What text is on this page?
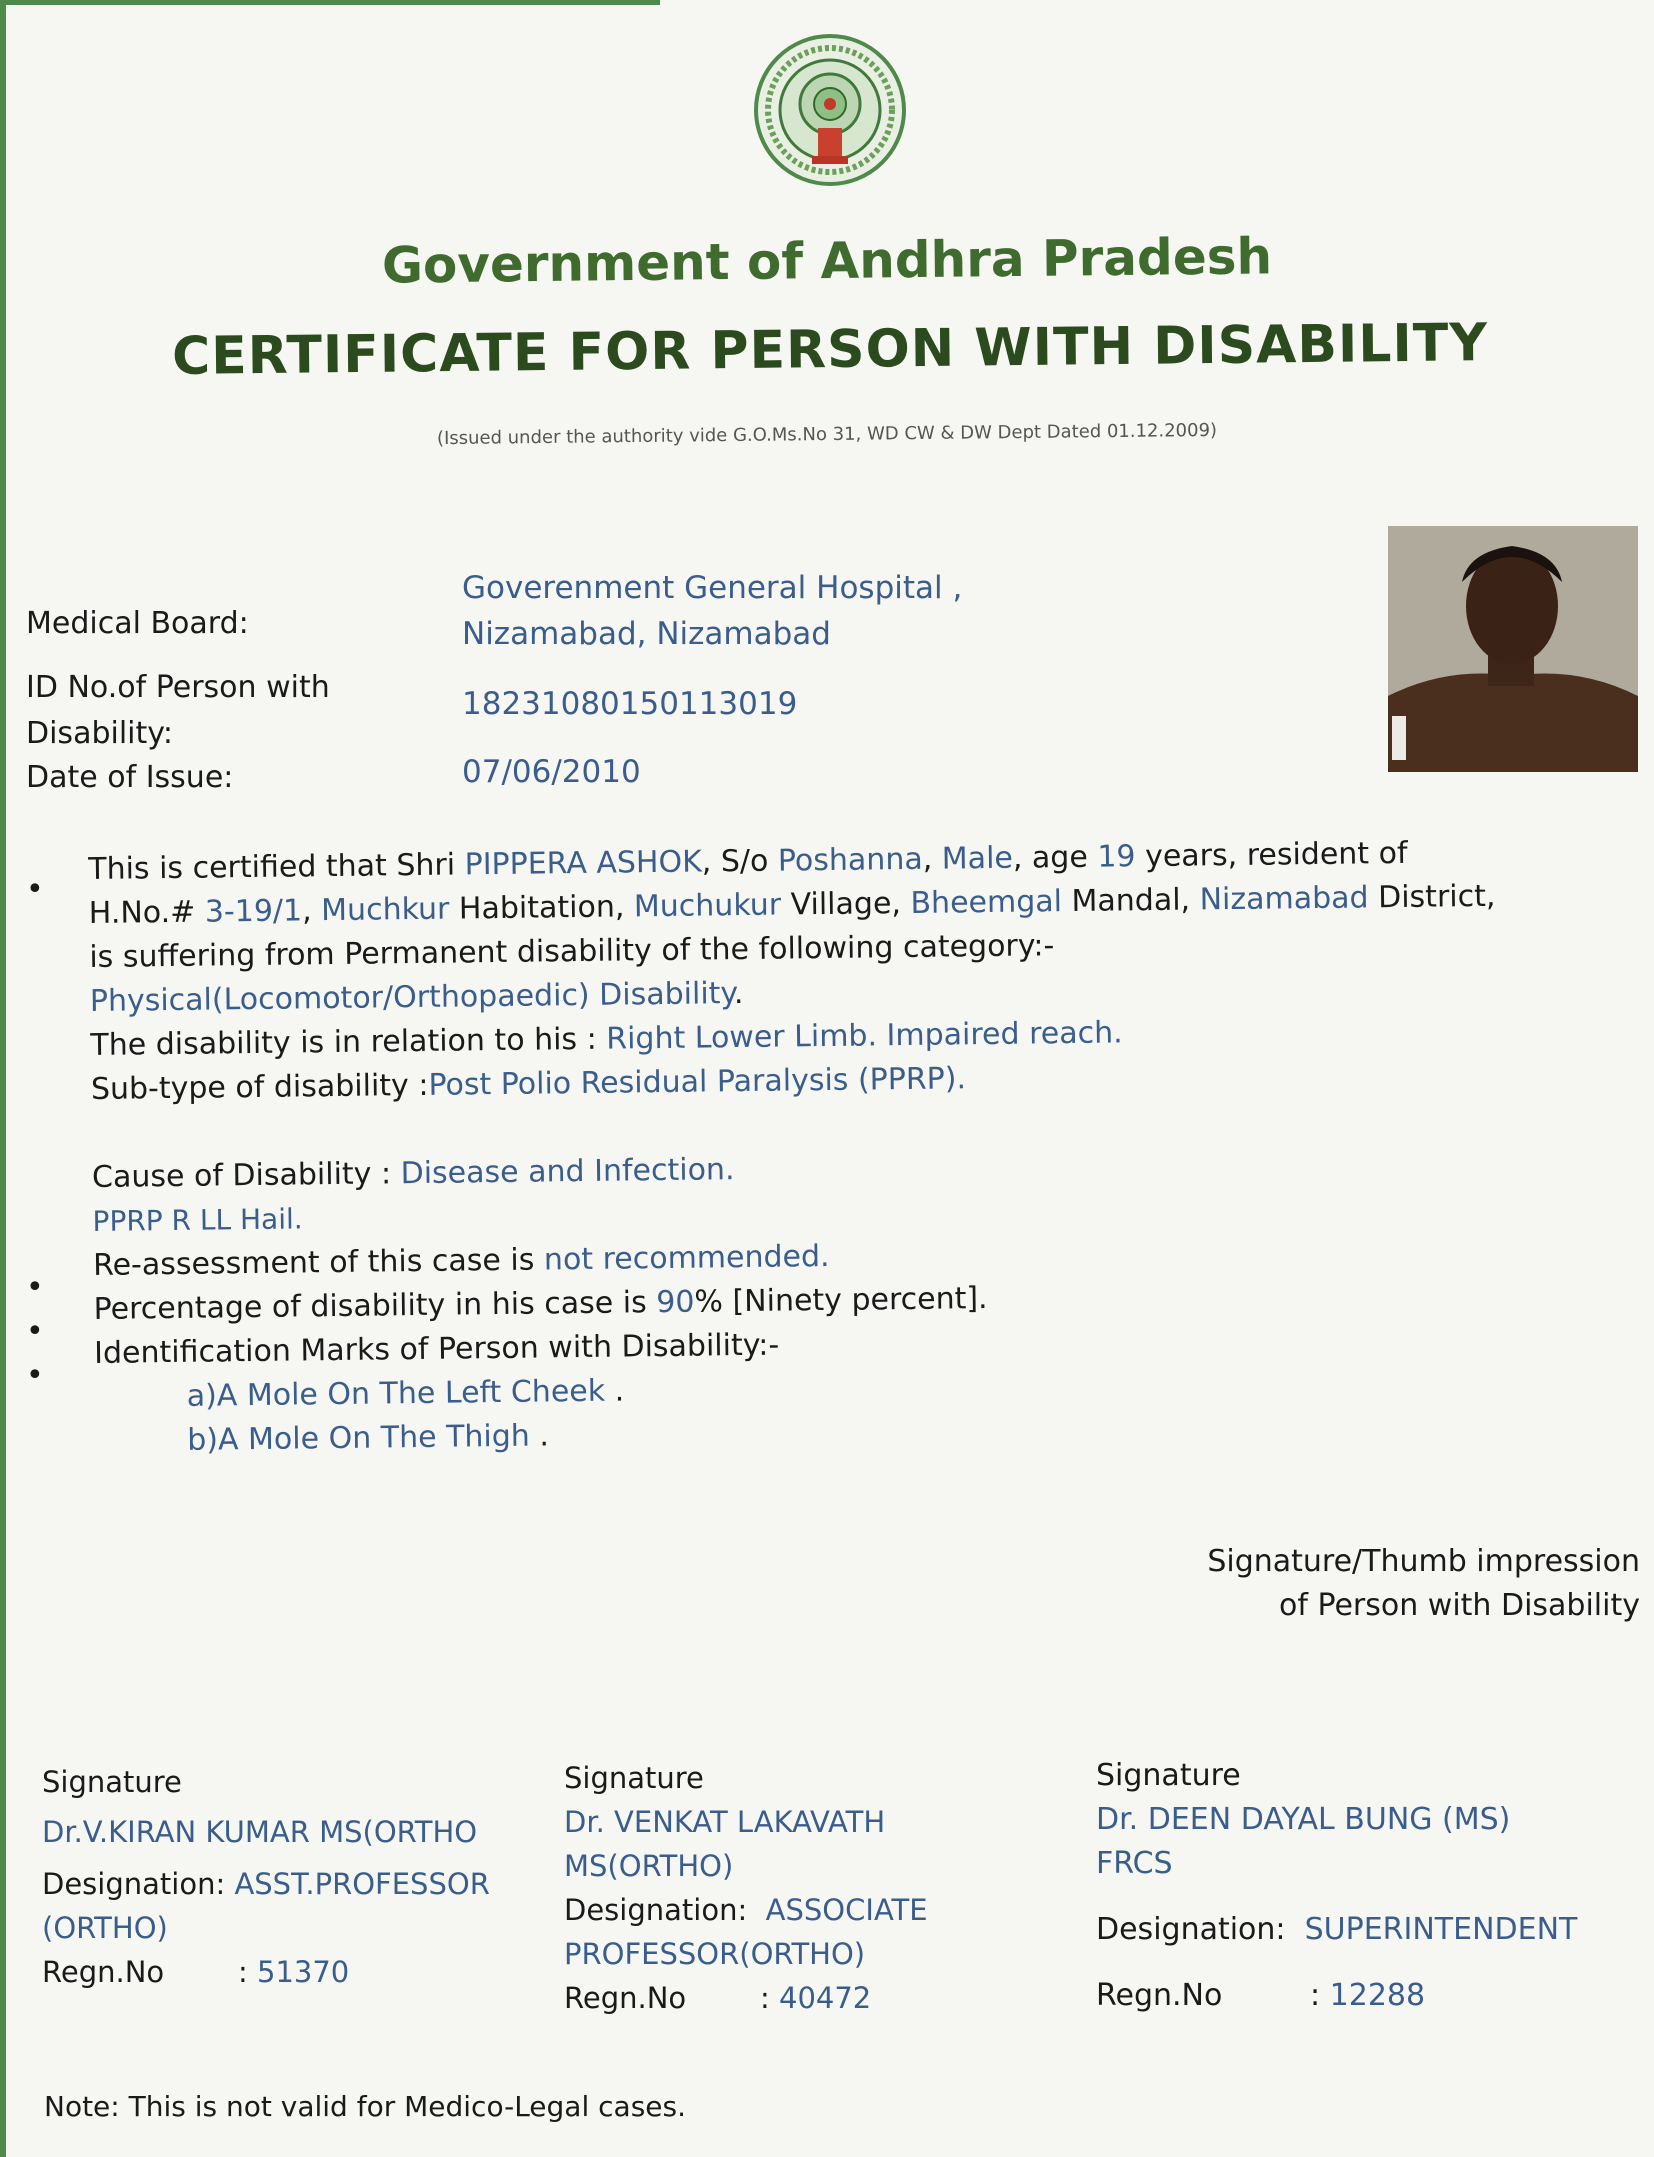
Government of Andhra Pradesh
CERTIFICATE FOR PERSON WITH DISABILITY
(Issued under the authority vide G.O.Ms.No 31, WD CW & DW Dept Dated 01.12.2009)
Medical Board:
Goverenment General Hospital ,
Nizamabad, Nizamabad
ID No.of Person with
Disability:
18231080150113019
Date of Issue:	07/06/2010
•
This is certified that Shri PIPPERA ASHOK, S/o Poshanna, Male, age 19 years, resident of
H.No.# 3-19/1, Muchkur Habitation, Muchukur Village, Bheemgal Mandal, Nizamabad District,
is suffering from Permanent disability of the following category:-
Physical(Locomotor/Orthopaedic) Disability.
The disability is in relation to his : Right Lower Limb. Impaired reach.
Sub-type of disability :Post Polio Residual Paralysis (PPRP).
Cause of Disability : Disease and Infection.
PPRP R LL Hail.
Re-assessment of this case is not recommended.
Percentage of disability in his case is 90% [Ninety percent].
Identification Marks of Person with Disability:-
a)A Mole On The Left Cheek .
b)A Mole On The Thigh .
•
•
•
Signature/Thumb impression
of Person with Disability
Signature
Dr.V.KIRAN KUMAR MS(ORTHO
Designation: ASST.PROFESSOR
(ORTHO)
Regn.No	: 51370
Signature
Dr. VENKAT LAKAVATH
MS(ORTHO)
Designation: ASSOCIATE
PROFESSOR(ORTHO)
Regn.No	: 40472
Signature
Dr. DEEN DAYAL BUNG (MS)
FRCS
Designation: SUPERINTENDENT
Regn.No	: 12288
Note: This is not valid for Medico-Legal cases.
